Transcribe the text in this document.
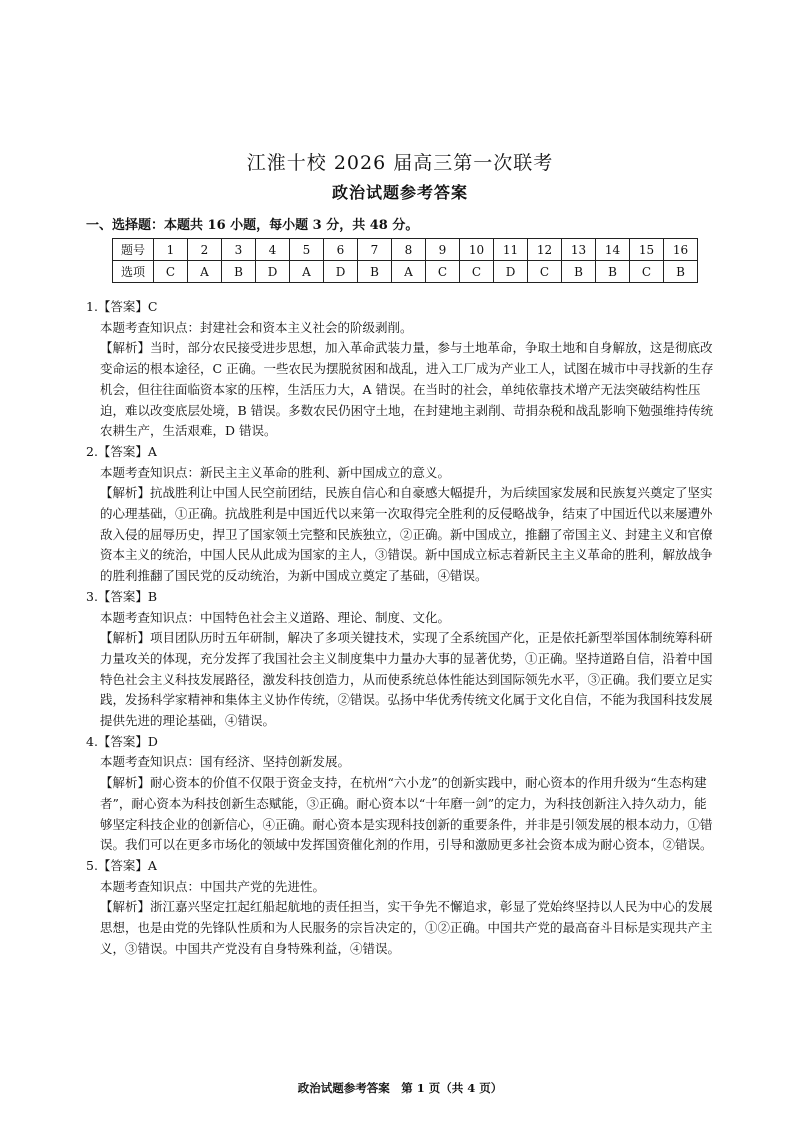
江淮十校 2026 届高三第一次联考
政治试题参考答案
一、选择题：本题共 16 小题，每小题 3 分，共 48 分。
题号	1	2	3	4	5	6	7	8	9	10	11	12	13	14	15	16
选项	C	A	B	D	A	D	B	A	C	C	D	C	B	B	C	B

1.【答案】C

本题考查知识点：封建社会和资本主义社会的阶级剥削。

【解析】当时，部分农民接受进步思想，加入革命武装力量，参与土地革命，争取土地和自身解放，这是彻底改变命运的根本途径，C 正确。一些农民为摆脱贫困和战乱，进入工厂成为产业工人，试图在城市中寻找新的生存机会，但往往面临资本家的压榨，生活压力大，A 错误。在当时的社会，单纯依靠技术增产无法突破结构性压迫，难以改变底层处境，B 错误。多数农民仍困守土地，在封建地主剥削、苛捐杂税和战乱影响下勉强维持传统农耕生产，生活艰难，D 错误。

2.【答案】A

本题考查知识点：新民主主义革命的胜利、新中国成立的意义。

【解析】抗战胜利让中国人民空前团结，民族自信心和自豪感大幅提升，为后续国家发展和民族复兴奠定了坚实的心理基础，①正确。抗战胜利是中国近代以来第一次取得完全胜利的反侵略战争，结束了中国近代以来屡遭外敌入侵的屈辱历史，捍卫了国家领土完整和民族独立，②正确。新中国成立，推翻了帝国主义、封建主义和官僚资本主义的统治，中国人民从此成为国家的主人，③错误。新中国成立标志着新民主主义革命的胜利，解放战争的胜利推翻了国民党的反动统治，为新中国成立奠定了基础，④错误。

3.【答案】B

本题考查知识点：中国特色社会主义道路、理论、制度、文化。

【解析】项目团队历时五年研制，解决了多项关键技术，实现了全系统国产化，正是依托新型举国体制统筹科研力量攻关的体现，充分发挥了我国社会主义制度集中力量办大事的显著优势，①正确。坚持道路自信，沿着中国特色社会主义科技发展路径，激发科技创造力，从而使系统总体性能达到国际领先水平，③正确。我们要立足实践，发扬科学家精神和集体主义协作传统，②错误。弘扬中华优秀传统文化属于文化自信，不能为我国科技发展提供先进的理论基础，④错误。

4.【答案】D

本题考查知识点：国有经济、坚持创新发展。

【解析】耐心资本的价值不仅限于资金支持，在杭州“六小龙”的创新实践中，耐心资本的作用升级为“生态构建者”，耐心资本为科技创新生态赋能，③正确。耐心资本以“十年磨一剑”的定力，为科技创新注入持久动力，能够坚定科技企业的创新信心，④正确。耐心资本是实现科技创新的重要条件，并非是引领发展的根本动力，①错误。我们可以在更多市场化的领域中发挥国资催化剂的作用，引导和激励更多社会资本成为耐心资本，②错误。

5.【答案】A

本题考查知识点：中国共产党的先进性。

【解析】浙江嘉兴坚定扛起红船起航地的责任担当，实干争先不懈追求，彰显了党始终坚持以人民为中心的发展思想，也是由党的先锋队性质和为人民服务的宗旨决定的，①②正确。中国共产党的最高奋斗目标是实现共产主义，③错误。中国共产党没有自身特殊利益，④错误。

政治试题参考答案　第 1 页（共 4 页）
